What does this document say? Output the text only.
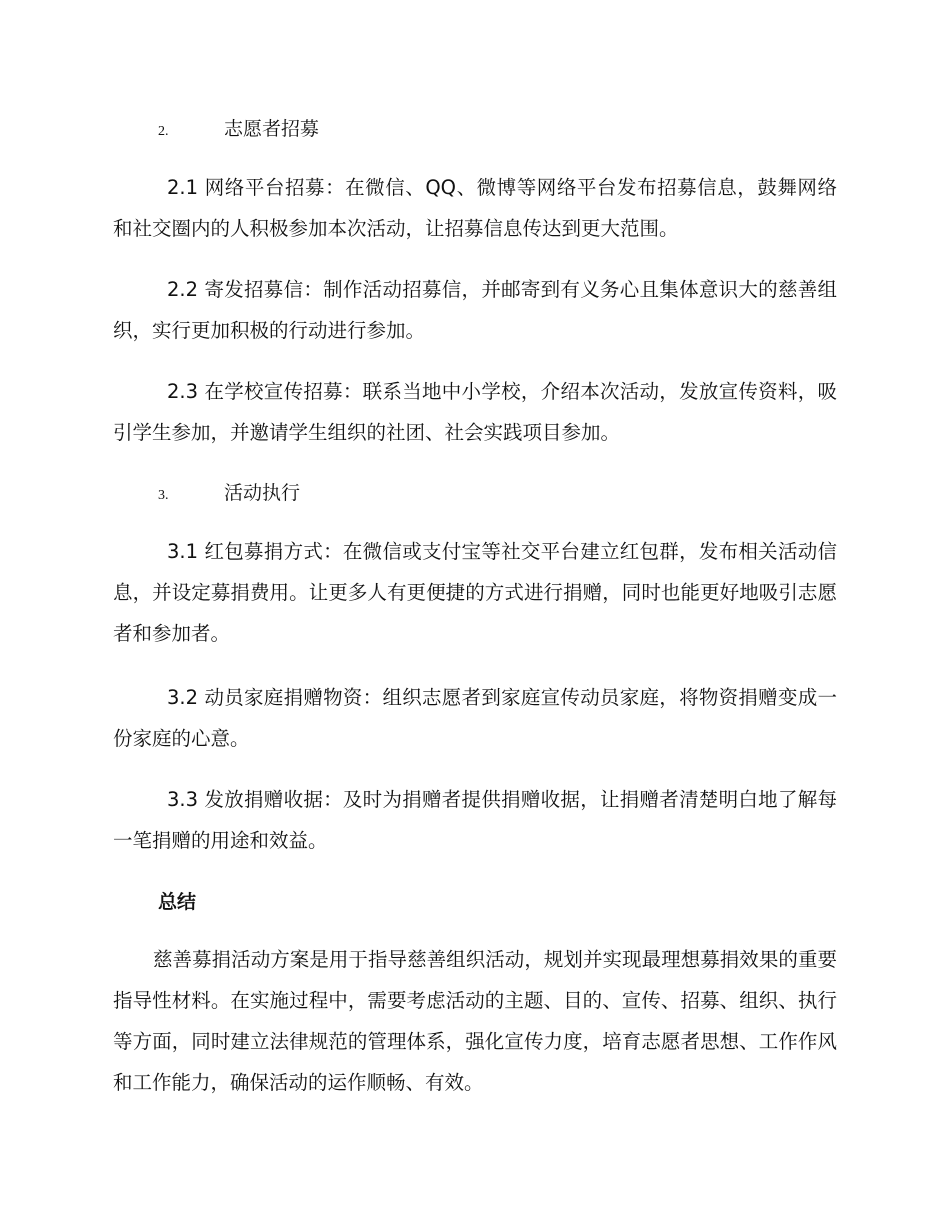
2.	志愿者招募

2.1 网络平台招募：在微信、QQ、微博等网络平台发布招募信息，鼓舞网络和社交圈内的人积极参加本次活动，让招募信息传达到更大范围。

2.2 寄发招募信：制作活动招募信，并邮寄到有义务心且集体意识大的慈善组织，实行更加积极的行动进行参加。

2.3 在学校宣传招募：联系当地中小学校，介绍本次活动，发放宣传资料，吸引学生参加，并邀请学生组织的社团、社会实践项目参加。

3.	活动执行

3.1 红包募捐方式：在微信或支付宝等社交平台建立红包群，发布相关活动信息，并设定募捐费用。让更多人有更便捷的方式进行捐赠，同时也能更好地吸引志愿者和参加者。

3.2 动员家庭捐赠物资：组织志愿者到家庭宣传动员家庭，将物资捐赠变成一份家庭的心意。

3.3 发放捐赠收据：及时为捐赠者提供捐赠收据，让捐赠者清楚明白地了解每一笔捐赠的用途和效益。

总结

慈善募捐活动方案是用于指导慈善组织活动，规划并实现最理想募捐效果的重要指导性材料。在实施过程中，需要考虑活动的主题、目的、宣传、招募、组织、执行等方面，同时建立法律规范的管理体系，强化宣传力度，培育志愿者思想、工作作风和工作能力，确保活动的运作顺畅、有效。
